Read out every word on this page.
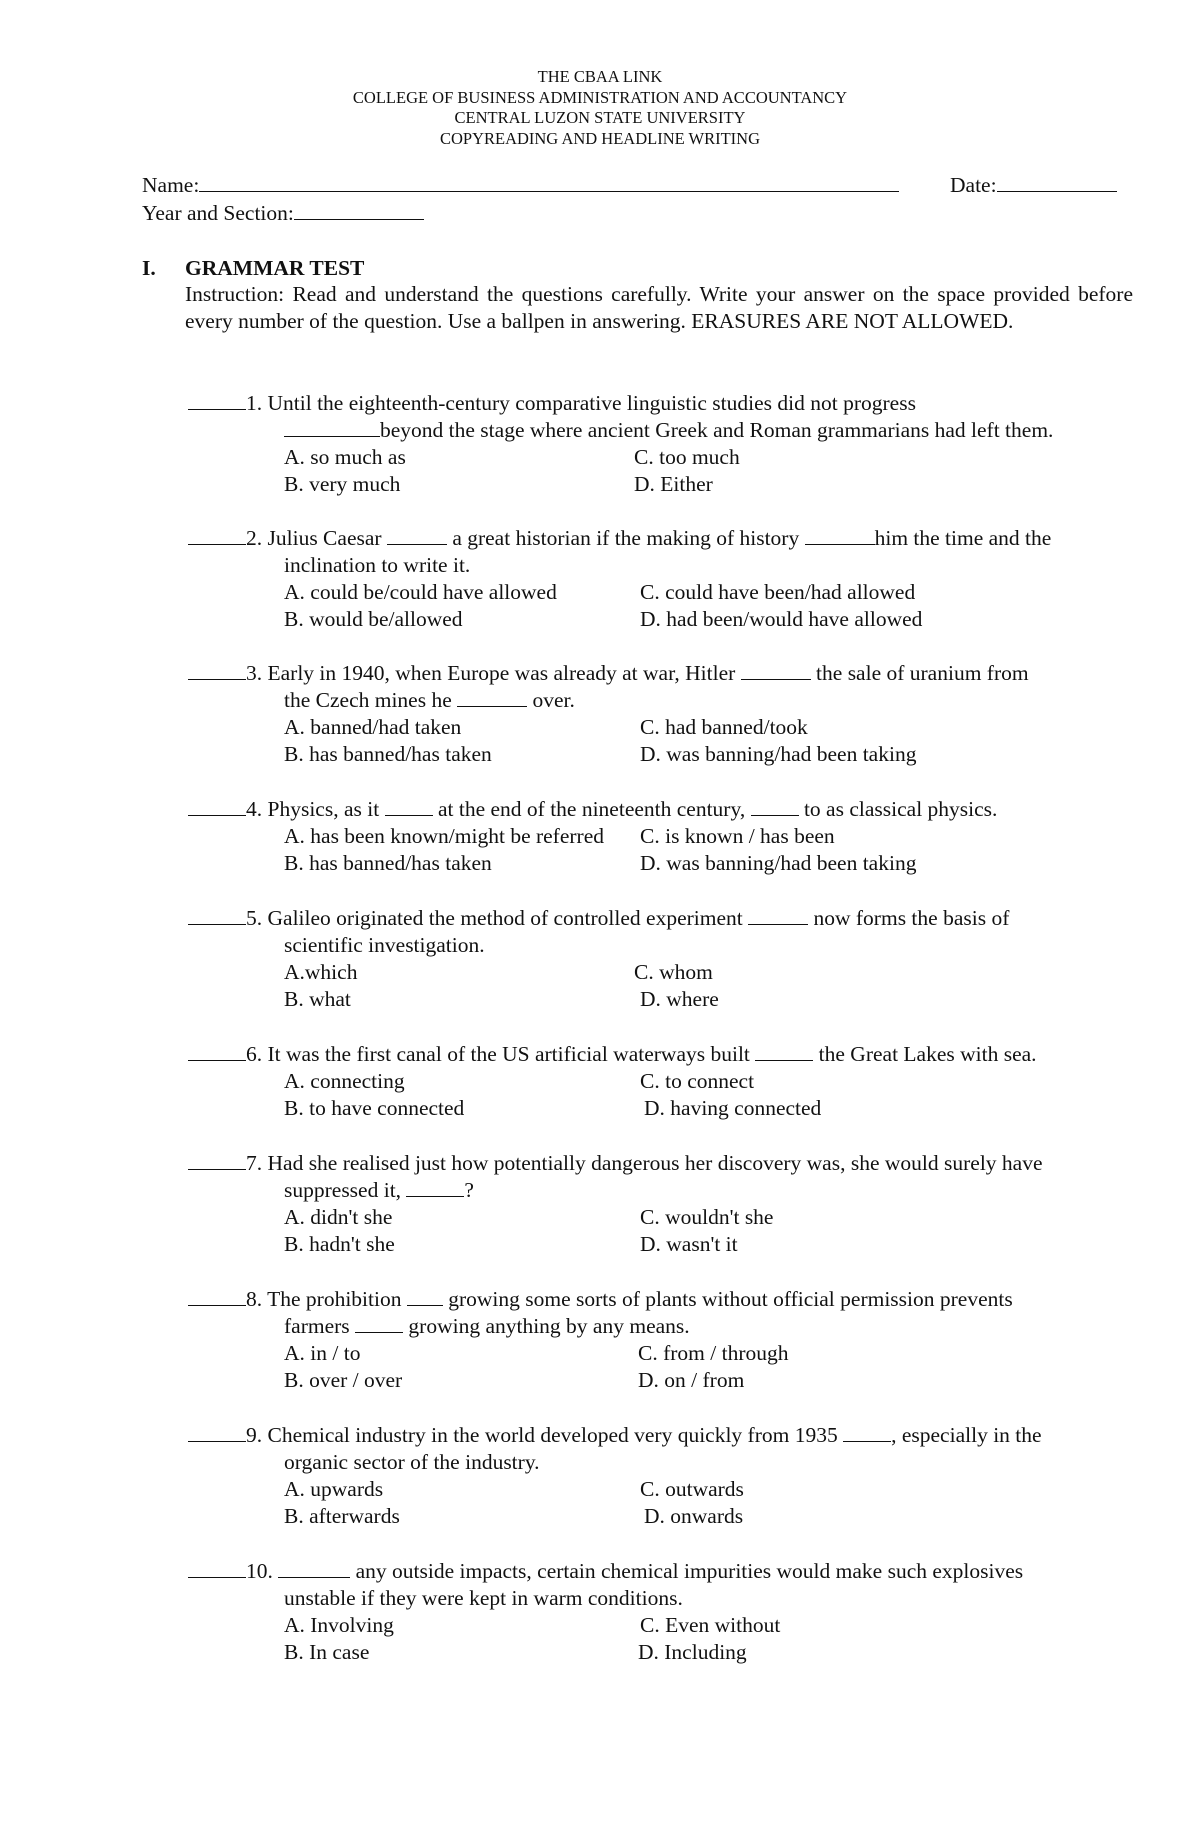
THE CBAA LINK
COLLEGE OF BUSINESS ADMINISTRATION AND ACCOUNTANCY
CENTRAL LUZON STATE UNIVERSITY
COPYREADING AND HEADLINE WRITING
Name:	Date:
Year and Section:
I. GRAMMAR TEST
Instruction: Read and understand the questions carefully. Write your answer on the space provided before every number of the question. Use a ballpen in answering. ERASURES ARE NOT ALLOWED.
1. Until the eighteenth-century comparative linguistic studies did not progress
beyond the stage where ancient Greek and Roman grammarians had left them.
A. so much as	C. too much
B. very much	D. Either
2. Julius Caesar	a great historian if the making of history	him the time and the
inclination to write it.
A. could be/could have allowed	C. could have been/had allowed
B. would be/allowed	D. had been/would have allowed
3. Early in 1940, when Europe was already at war, Hitler	the sale of uranium from
the Czech mines he	over.
A. banned/had taken	C. had banned/took
B. has banned/has taken	D. was banning/had been taking
4. Physics, as it  at the end of the nineteenth century,  to as classical physics.
A. has been known/might be referred C. is known / has been
B. has banned/has taken	D. was banning/had been taking
5. Galileo originated the method of controlled experiment	now forms the basis of
scientific investigation.
A.which	C. whom
B. what	D. where
6. It was the first canal of the US artificial waterways built	the Great Lakes with sea.
A. connecting	C. to connect
B. to have connected	D. having connected
7. Had she realised just how potentially dangerous her discovery was, she would surely have
suppressed it,	?
A. didn't she	C. wouldn't she
B. hadn't she	D. wasn't it
8. The prohibition  growing some sorts of plants without official permission prevents
farmers  growing anything by any means.
A. in / to	C. from / through
B. over / over	D. on / from
9. Chemical industry in the world developed very quickly from 1935 , especially in the
organic sector of the industry.
A. upwards	C. outwards
B. afterwards	D. onwards
10.	any outside impacts, certain chemical impurities would make such explosives
unstable if they were kept in warm conditions.
A. Involving	C. Even without
B. In case	D. Including
